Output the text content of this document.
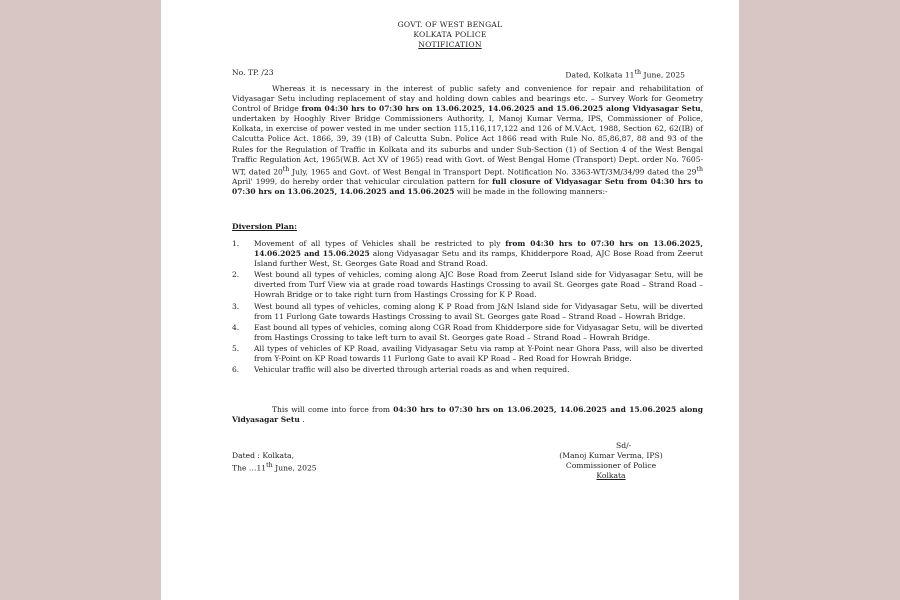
GOVT. OF WEST BENGAL
KOLKATA POLICE
NOTIFICATION
No. TP. /23	Dated, Kolkata 11th June, 2025
Whereas it is necessary in the interest of public safety and convenience for repair and rehabilitation of Vidyasagar Setu including replacement of stay and holding down cables and bearings etc. – Survey Work for Geometry Control of Bridge from 04:30 hrs to 07:30 hrs on 13.06.2025, 14.06.2025 and 15.06.2025 along Vidyasagar Setu, undertaken by Hooghly River Bridge Commissioners Authority, I, Manoj Kumar Verma, IPS, Commissioner of Police, Kolkata, in exercise of power vested in me under section 115,116,117,122 and 126 of M.V.Act, 1988, Section 62, 62(IB) of Calcutta Police Act. 1866, 39, 39 (1B) of Calcutta Subn. Police Act 1866 read with Rule No. 85,86,87, 88 and 93 of the Rules for the Regulation of Traffic in Kolkata and its suburbs and under Sub-Section (1) of Section 4 of the West Bengal Traffic Regulation Act, 1965(W.B. Act XV of 1965) read with Govt. of West Bengal Home (Transport) Dept. order No. 7605-WT, dated 20th July, 1965 and Govt. of West Bengal in Transport Dept. Notification No. 3363-WT/3M/34/99 dated the 29th April' 1999, do hereby order that vehicular circulation pattern for full closure of Vidyasagar Setu from 04:30 hrs to 07:30 hrs on 13.06.2025, 14.06.2025 and 15.06.2025 will be made in the following manners:-
Diversion Plan:
1. Movement of all types of Vehicles shall be restricted to ply from 04:30 hrs to 07:30 hrs on 13.06.2025, 14.06.2025 and 15.06.2025 along Vidyasagar Setu and its ramps, Khidderpore Road, AJC Bose Road from Zeerut Island further West, St. Georges Gate Road and Strand Road.
2. West bound all types of vehicles, coming along AJC Bose Road from Zeerut Island side for Vidyasagar Setu, will be diverted from Turf View via at grade road towards Hastings Crossing to avail St. Georges gate Road – Strand Road – Howrah Bridge or to take right turn from Hastings Crossing for K P Road.
3. West bound all types of vehicles, coming along K P Road from J&N Island side for Vidyasagar Setu, will be diverted from 11 Furlong Gate towards Hastings Crossing to avail St. Georges gate Road – Strand Road – Howrah Bridge.
4. East bound all types of vehicles, coming along CGR Road from Khidderpore side for Vidyasagar Setu, will be diverted from Hastings Crossing to take left turn to avail St. Georges gate Road – Strand Road – Howrah Bridge.
5. All types of vehicles of KP Road, availing Vidyasagar Setu via ramp at Y-Point near Ghora Pass, will also be diverted from Y-Point on KP Road towards 11 Furlong Gate to avail KP Road – Red Road for Howrah Bridge.
6. Vehicular traffic will also be diverted through arterial roads as and when required.
This will come into force from 04:30 hrs to 07:30 hrs on 13.06.2025, 14.06.2025 and 15.06.2025 along Vidyasagar Setu .
Sd/-
(Manoj Kumar Verma, IPS)
Commissioner of Police
Kolkata
Dated : Kolkata,
The …11th June, 2025
